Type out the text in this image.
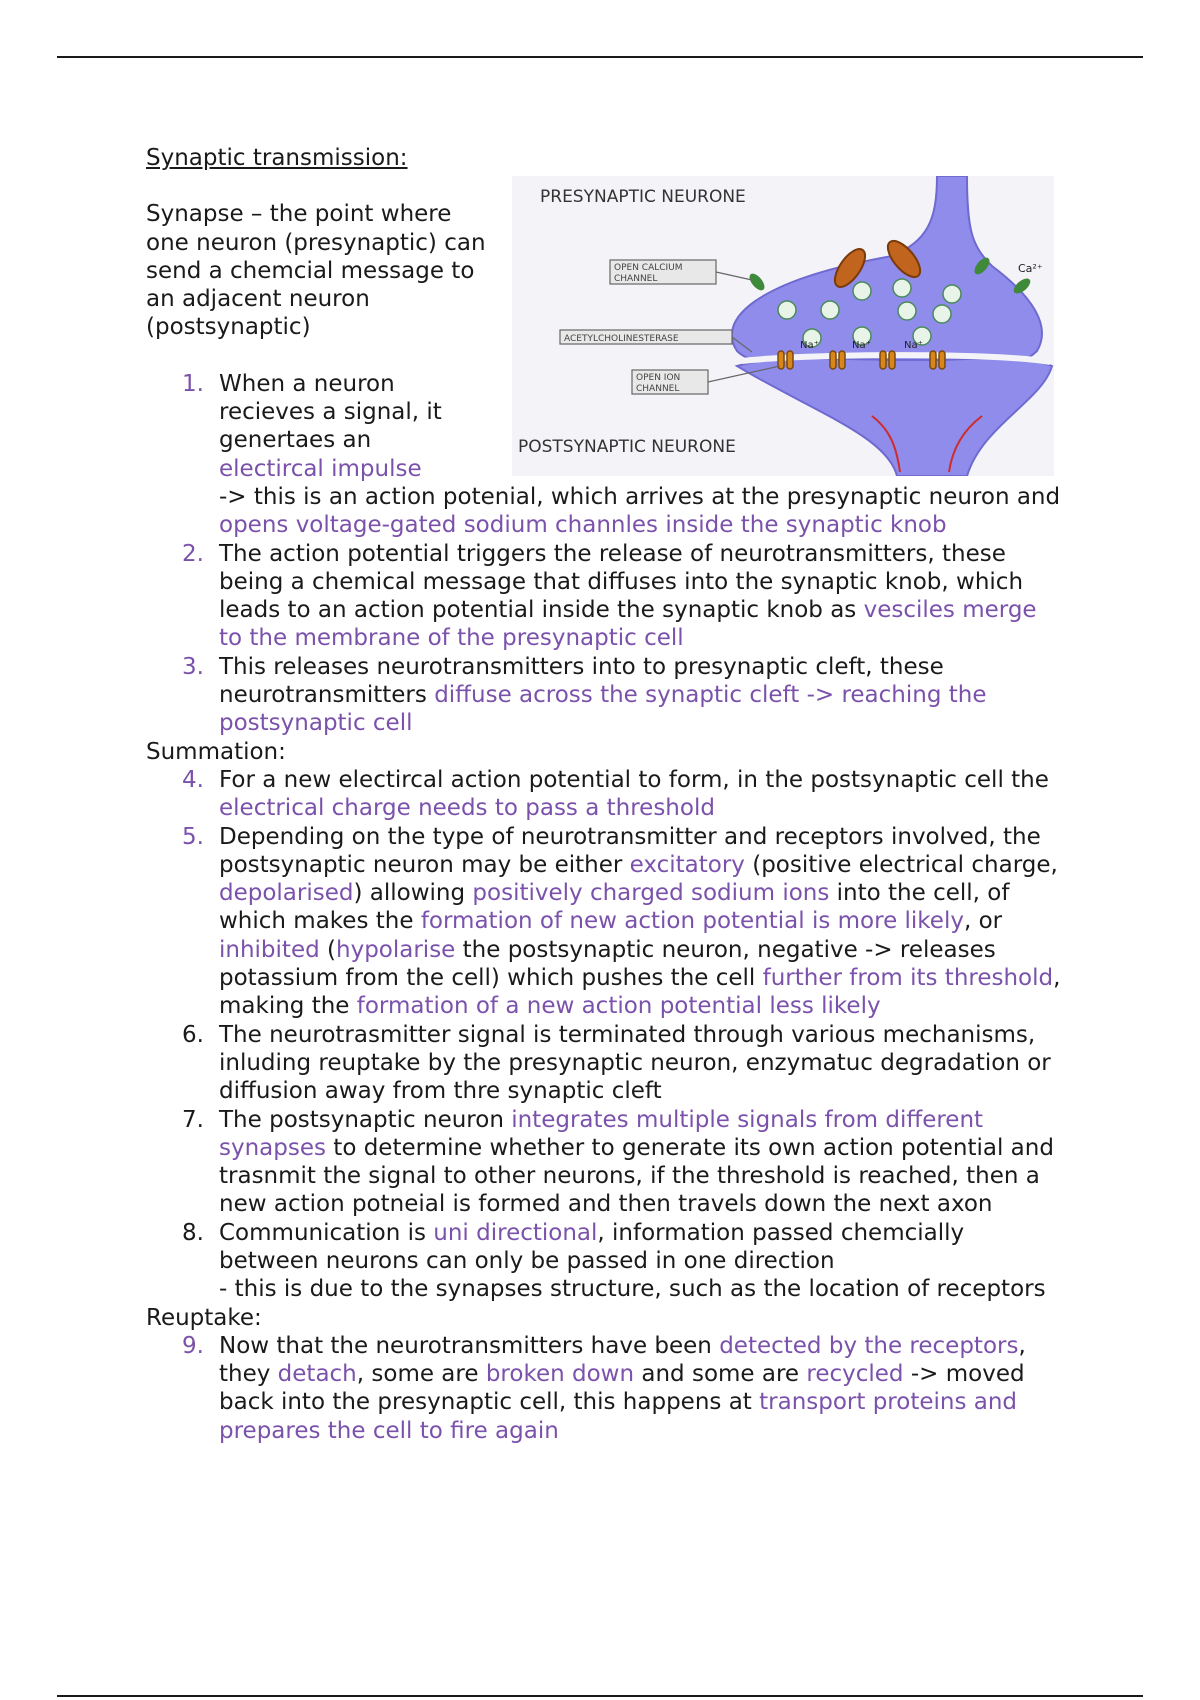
Synaptic transmission:

Synapse – the point where one neuron (presynaptic) can send a chemcial message to an adjacent neuron (postsynaptic)

1. When a neuron recieves a signal, it genertaes an electircal impulse
-> this is an action potenial, which arrives at the presynaptic neuron and opens voltage-gated sodium channles inside the synaptic knob
2. The action potential triggers the release of neurotransmitters, these being a chemical message that diffuses into the synaptic knob, which leads to an action potential inside the synaptic knob as vesciles merge to the membrane of the presynaptic cell
3. This releases neurotransmitters into to presynaptic cleft, these neurotransmitters diffuse across the synaptic cleft -> reaching the postsynaptic cell

Summation:

4. For a new electircal action potential to form, in the postsynaptic cell the electrical charge needs to pass a threshold
5. Depending on the type of neurotransmitter and receptors involved, the postsynaptic neuron may be either excitatory (positive electrical charge, depolarised) allowing positively charged sodium ions into the cell, of which makes the formation of new action potential is more likely, or inhibited (hypolarise the postsynaptic neuron, negative -> releases potassium from the cell) which pushes the cell further from its threshold, making the formation of a new action potential less likely
6. The neurotrasmitter signal is terminated through various mechanisms, inluding reuptake by the presynaptic neuron, enzymatuc degradation or diffusion away from thre synaptic cleft
7. The postsynaptic neuron integrates multiple signals from different synapses to determine whether to generate its own action potential and trasnmit the signal to other neurons, if the threshold is reached, then a new action potneial is formed and then travels down the next axon
8. Communication is uni directional, information passed chemcially between neurons can only be passed in one direction
- this is due to the synapses structure, such as the location of receptors

Reuptake:

9. Now that the neurotransmitters have been detected by the receptors, they detach, some are broken down and some are recycled -> moved back into the presynaptic cell, this happens at transport proteins and prepares the cell to fire again
PRESYNAPTIC NEURONE
POSTSYNAPTIC NEURONE
OPEN CALCIUM
CHANNEL
ACETYLCHOLINESTERASE
OPEN ION
CHANNEL
Na⁺	Na⁺	Na⁺
Ca²⁺
